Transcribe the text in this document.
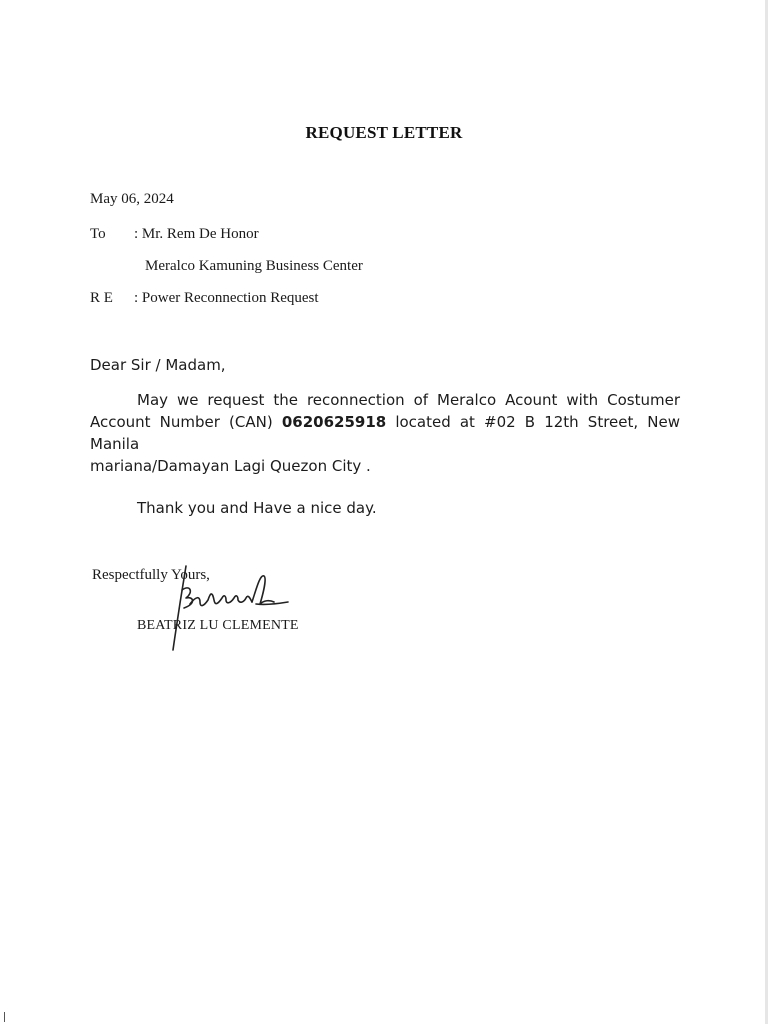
REQUEST LETTER
May 06, 2024
To : Mr. Rem De Honor
Meralco Kamuning Business Center
R E : Power Reconnection Request
Dear Sir / Madam,
May we request the reconnection of Meralco Acount with Costumer
Account Number (CAN) 0620625918 located at #02 B 12th Street, New Manila
mariana/Damayan Lagi Quezon City .
Thank you and Have a nice day.
Respectfully Yours,
BEATRIZ LU CLEMENTE
